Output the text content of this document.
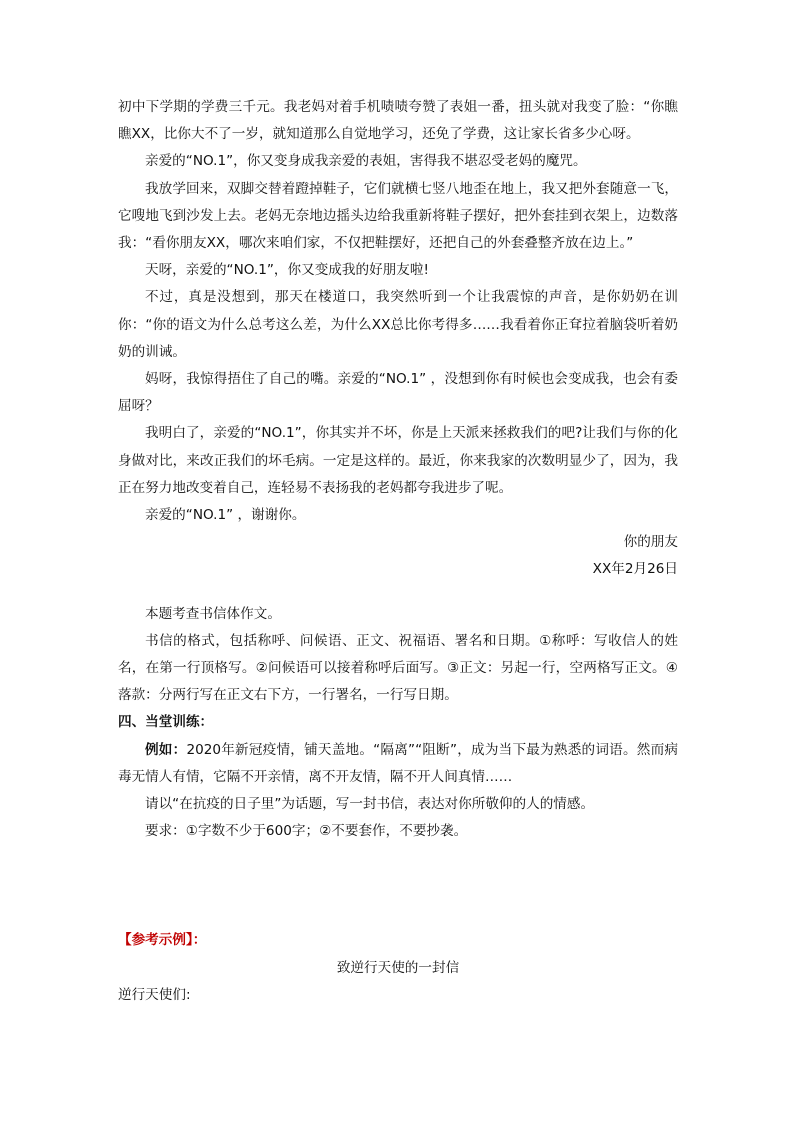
初中下学期的学费三千元。我老妈对着手机啧啧夸赞了表姐一番，扭头就对我变了脸：“你瞧瞧XX，比你大不了一岁，就知道那么自觉地学习，还免了学费，这让家长省多少心呀。

亲爱的“NO.1”，你又变身成我亲爱的表姐，害得我不堪忍受老妈的魔咒。

我放学回来，双脚交替着蹬掉鞋子，它们就横七竖八地歪在地上，我又把外套随意一飞，它嗖地飞到沙发上去。老妈无奈地边摇头边给我重新将鞋子摆好，把外套挂到衣架上，边数落我：“看你朋友XX，哪次来咱们家，不仅把鞋摆好，还把自己的外套叠整齐放在边上。”

天呀，亲爱的“NO.1”，你又变成我的好朋友啦!

不过，真是没想到，那天在楼道口，我突然听到一个让我震惊的声音，是你奶奶在训你：“你的语文为什么总考这么差，为什么XX总比你考得多……我看着你正耷拉着脑袋听着奶奶的训诫。

妈呀，我惊得捂住了自己的嘴。亲爱的“NO.1” ，没想到你有时候也会变成我，也会有委屈呀？

我明白了，亲爱的“NO.1”，你其实并不坏，你是上天派来拯救我们的吧?让我们与你的化身做对比，来改正我们的坏毛病。一定是这样的。最近，你来我家的次数明显少了，因为，我正在努力地改变着自己，连轻易不表扬我的老妈都夸我进步了呢。

亲爱的“NO.1” ，谢谢你。

你的朋友

XX年2月26日

本题考查书信体作文。

书信的格式，包括称呼、问候语、正文、祝福语、署名和日期。①称呼：写收信人的姓名，在第一行顶格写。②问候语可以接着称呼后面写。③正文：另起一行，空两格写正文。④落款：分两行写在正文右下方，一行署名，一行写日期。

四、当堂训练：

例如：2020年新冠疫情，铺天盖地。“隔离”“阻断”，成为当下最为熟悉的词语。然而病毒无情人有情，它隔不开亲情，离不开友情，隔不开人间真情……

请以“在抗疫的日子里”为话题，写一封书信，表达对你所敬仰的人的情感。

要求：①字数不少于600字；②不要套作，不要抄袭。

【参考示例】：

致逆行天使的一封信

逆行天使们:
